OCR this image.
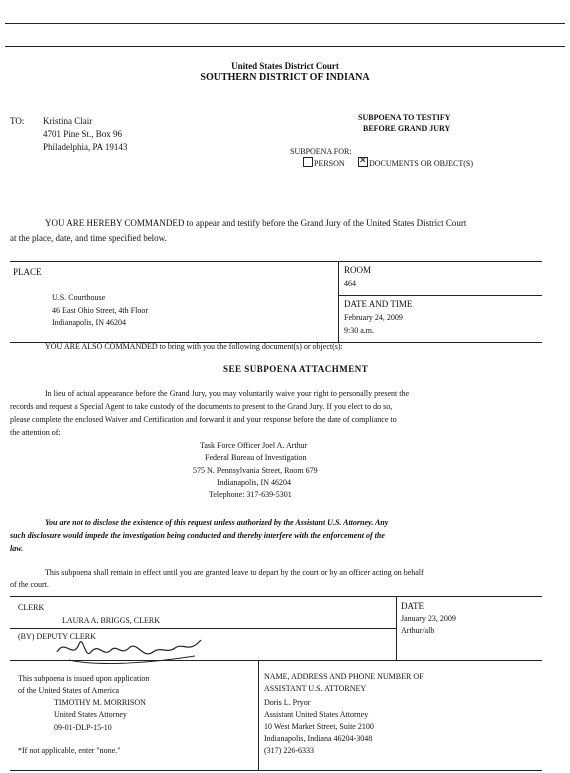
United States District Court
SOUTHERN DISTRICT OF INDIANA
TO: Kristina Clair
4701 Pine St., Box 96
Philadelphia, PA 19143
SUBPOENA TO TESTIFY
BEFORE GRAND JURY
SUBPOENA FOR:
PERSON
✕	DOCUMENTS OR OBJECT(S)
YOU ARE HEREBY COMMANDED to appear and testify before the Grand Jury of the United States District Court
at the place, date, and time specified below.
PLACE
U.S. Courthouse
46 East Ohio Street, 4th Floor
Indianapolis, IN 46204
ROOM
464
DATE AND TIME
February 24, 2009
9:30 a.m.
YOU ARE ALSO COMMANDED to bring with you the following document(s) or object(s):
SEE SUBPOENA ATTACHMENT
In lieu of actual appearance before the Grand Jury, you may voluntarily waive your right to personally present the
records and request a Special Agent to take custody of the documents to present to the Grand Jury. If you elect to do so,
please complete the enclosed Waiver and Certification and forward it and your response before the date of compliance to
the attention of:
Task Force Officer Joel A. Arthur
Federal Bureau of Investigation
575 N. Pennsylvania Street, Room 679
Indianapolis, IN 46204
Telephone: 317-639-5301
You are not to disclose the existence of this request unless authorized by the Assistant U.S. Attorney. Any
such disclosure would impede the investigation being conducted and thereby interfere with the enforcement of the
law.
This subpoena shall remain in effect until you are granted leave to depart by the court or by an officer acting on behalf
of the court.
CLERK
LAURA A. BRIGGS, CLERK
(BY) DEPUTY CLERK
DATE
January 23, 2009
Arthur/alb
This subpoena is issued upon application
of the United States of America
TIMOTHY M. MORRISON
United States Attorney
09-01-DLP-15-10
*If not applicable, enter "none."
NAME, ADDRESS AND PHONE NUMBER OF
ASSISTANT U.S. ATTORNEY
Doris L. Pryor
Assistant United States Attorney
10 West Market Street, Suite 2100
Indianapolis, Indiana 46204-3048
(317) 226-6333
